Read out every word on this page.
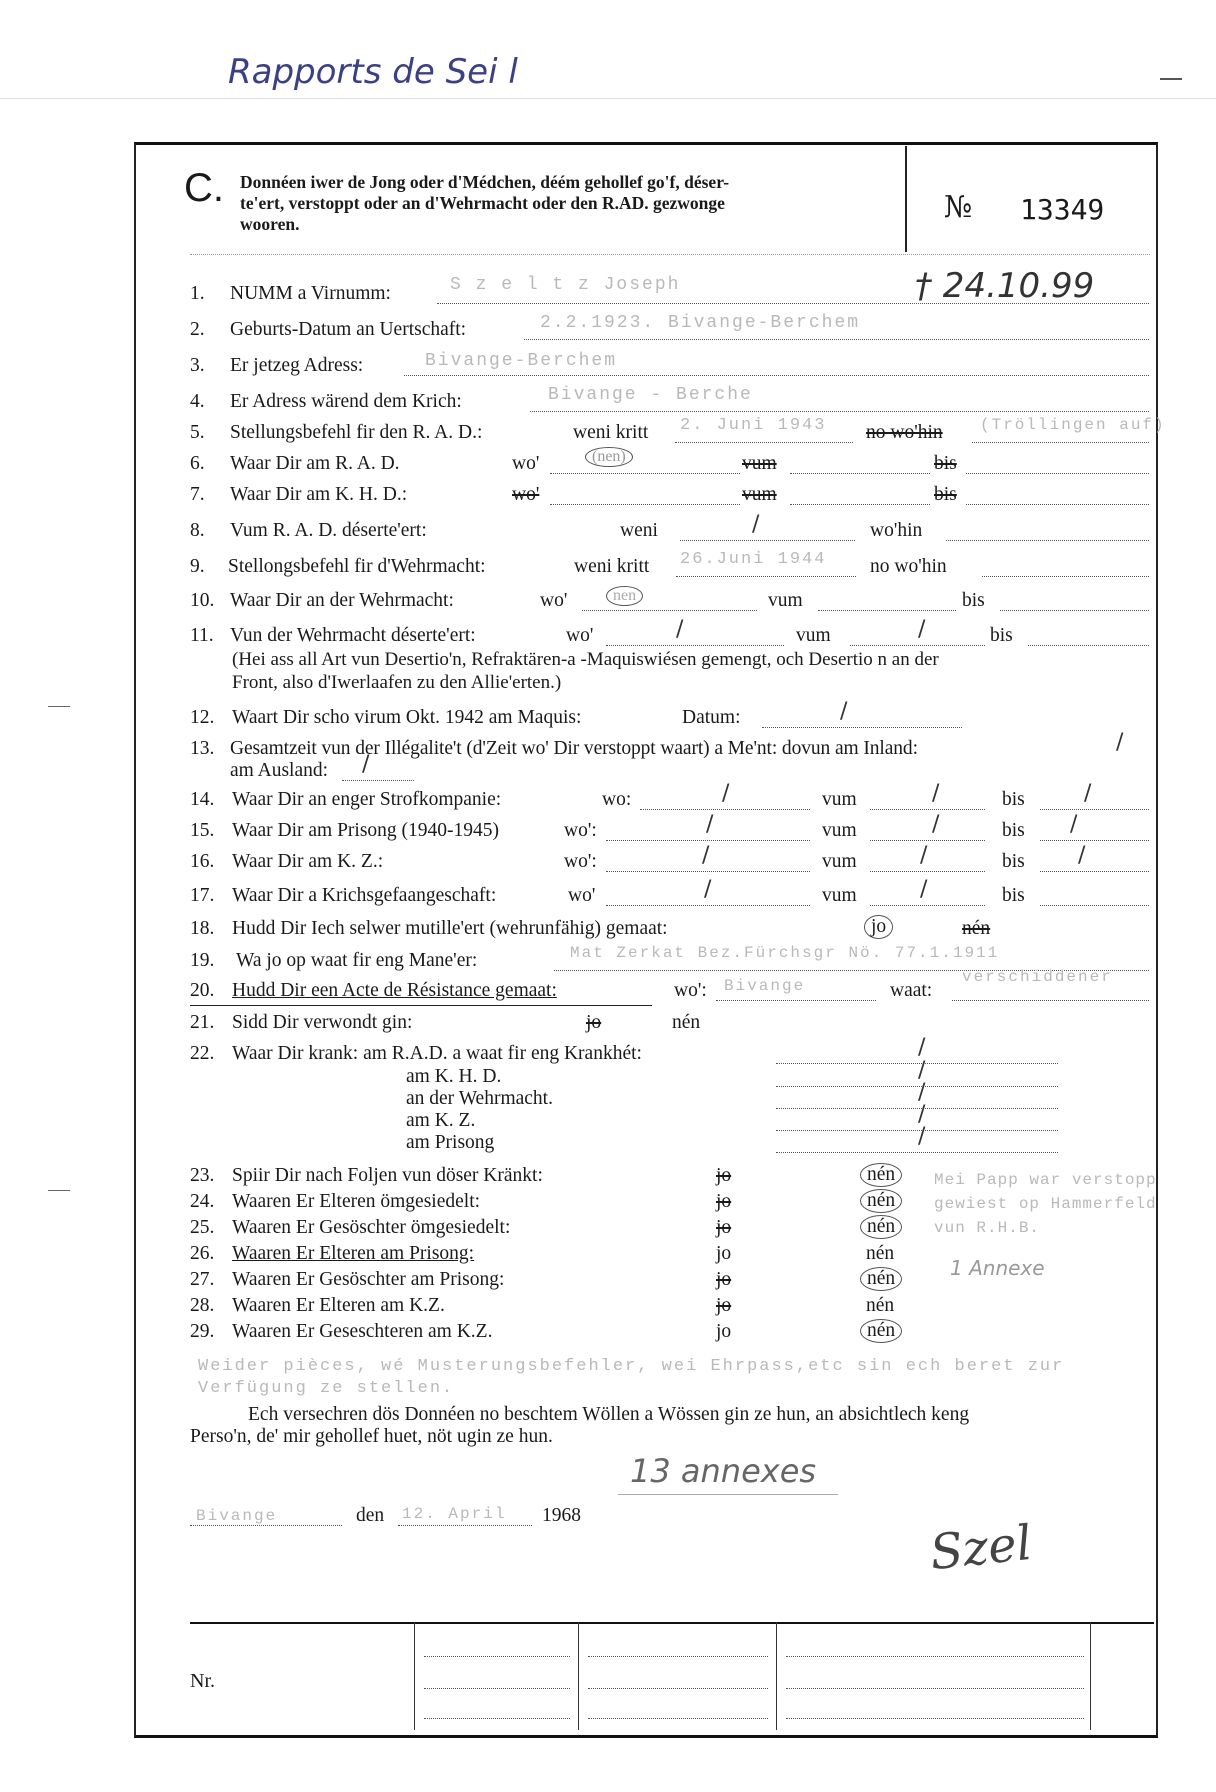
Rapports de Sei l
C. Donnéen iwer de Jong oder d'Médchen, déém gehollef go'f, déser-
te'ert, verstoppt oder an d'Wehrmacht oder den R.AD. gezwonge
wooren.	№ 13349
† 24.10.99
1.	NUMM a Virnumm:	S z e l t z Joseph
2.	Geburts-Datum an Uertschaft:	2.2.1923. Bivange-Berchem
3.	Er jetzeg Adress:	Bivange-Berchem
4.	Er Adress wärend dem Krich:	Bivange - Berche
5.	Stellungsbefehl fir den R. A. D.:	weni kritt 2. Juni 1943 no wo'hin (Tröllingen auf)
6.	Waar Dir am R. A. D.	wo'	(nen)	vum	bis
7.	Waar Dir am K. H. D.:	wo'	vum	bis
8.	Vum R. A. D. déserte'ert:	weni	/	wo'hin
9.	Stellongsbefehl fir d'Wehrmacht:	weni kritt 26.Juni 1944 no wo'hin
10. Waar Dir an der Wehrmacht:	wo'	nen	vum	bis
11. Vun der Wehrmacht déserte'ert:	wo'	/	vum	/	bis
(Hei ass all Art vun Desertio'n, Refraktären-a -Maquiswiésen gemengt, och Desertio n an der
Front, also d'Iwerlaafen zu den Allie'erten.)
12. Waart Dir scho virum Okt. 1942 am Maquis:	Datum:	/
13. Gesamtzeit vun der Illégalite't (d'Zeit wo' Dir verstoppt waart) a Me'nt: dovun am Inland:	/
am Ausland: /
14. Waar Dir an enger Strofkompanie:	wo:	/	vum	/	bis	/
15. Waar Dir am Prisong (1940-1945)	wo':	/	vum	/	bis /
16. Waar Dir am K. Z.:	wo':	/	vum	/	bis /
17. Waar Dir a Krichsgefaangeschaft:	wo'	/	vum	/	bis
18. Hudd Dir Iech selwer mutille'ert (wehrunfähig) gemaat:	jo	nén
19.	Wa jo op waat fir eng Mane'er:	Mat Zerkat Bez.Fürchsgr Nö. 77.1.1911
20. Hudd Dir een Acte de Résistance gemaat:	wo': Bivange	waat:
verschiddener
21. Sidd Dir verwondt gin:	jo	nén
22. Waar Dir krank: am R.A.D. a waat fir eng Krankhét:	/
am K. H. D.	/
an der Wehrmacht.	/
am K. Z.	/
am Prisong	/
23. Spiir Dir nach Foljen vun döser Kränkt:	jo	nén
24. Waaren Er Elteren ömgesiedelt:	jo	nén
25. Waaren Er Gesöschter ömgesiedelt:	jo	nén
26. Waaren Er Elteren am Prisong:	jo	nén
27. Waaren Er Gesöschter am Prisong:	jo	nén
28. Waaren Er Elteren am K.Z.	jo	nén
29. Waaren Er Geseschteren am K.Z.	jo	nén
Mei Papp war verstopp
gewiest op Hammerfeld
vun R.H.B.
1 Annexe
Weider pièces, wé Musterungsbefehler, wei Ehrpass,etc sin ech beret zur
Verfügung ze stellen.
Ech versechren dös Donnéen no beschtem Wöllen a Wössen gin ze hun, an absichtlech keng
Perso'n, de' mir gehollef huet, nöt ugin ze hun.
13 annexes
Bivange	den 12. April 1968	Szel
Nr.
